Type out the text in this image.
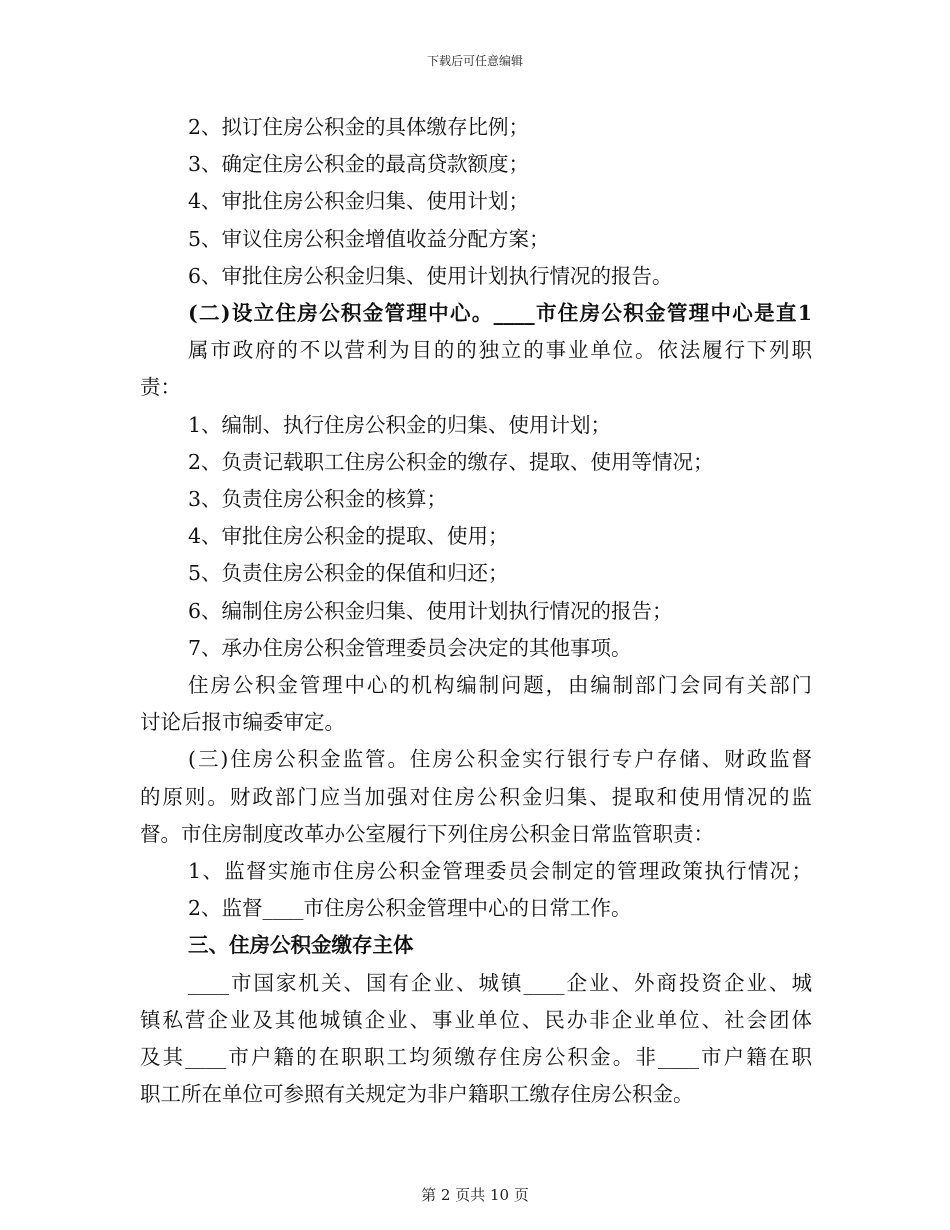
下载后可任意编辑
2、拟订住房公积金的具体缴存比例；
3、确定住房公积金的最高贷款额度；
4、审批住房公积金归集、使用计划；
5、审议住房公积金增值收益分配方案；
6、审批住房公积金归集、使用计划执行情况的报告。
(二)设立住房公积金管理中心。____市住房公积金管理中心是直1
属市政府的不以营利为目的的独立的事业单位。依法履行下列职
责：
1、编制、执行住房公积金的归集、使用计划；
2、负责记载职工住房公积金的缴存、提取、使用等情况；
3、负责住房公积金的核算；
4、审批住房公积金的提取、使用；
5、负责住房公积金的保值和归还；
6、编制住房公积金归集、使用计划执行情况的报告；
7、承办住房公积金管理委员会决定的其他事项。
住房公积金管理中心的机构编制问题，由编制部门会同有关部门
讨论后报市编委审定。
(三)住房公积金监管。住房公积金实行银行专户存储、财政监督
的原则。财政部门应当加强对住房公积金归集、提取和使用情况的监
督。市住房制度改革办公室履行下列住房公积金日常监管职责：
1、监督实施市住房公积金管理委员会制定的管理政策执行情况；
2、监督____市住房公积金管理中心的日常工作。
三、住房公积金缴存主体
____市国家机关、国有企业、城镇____企业、外商投资企业、城
镇私营企业及其他城镇企业、事业单位、民办非企业单位、社会团体
及其____市户籍的在职职工均须缴存住房公积金。非____市户籍在职
职工所在单位可参照有关规定为非户籍职工缴存住房公积金。
第 2 页共 10 页
